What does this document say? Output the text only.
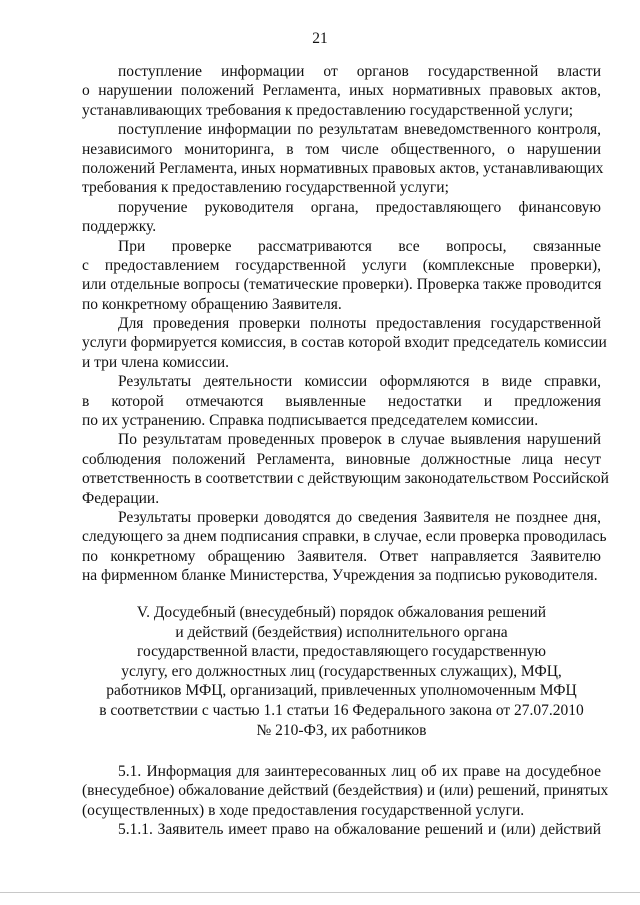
21
поступление информации от органов государственной власти
о нарушении положений Регламента, иных нормативных правовых актов,
устанавливающих требования к предоставлению государственной услуги;
поступление информации по результатам вневедомственного контроля,
независимого мониторинга, в том числе общественного, о нарушении
положений Регламента, иных нормативных правовых актов, устанавливающих
требования к предоставлению государственной услуги;
поручение руководителя органа, предоставляющего финансовую
поддержку.
При проверке рассматриваются все вопросы, связанные
с предоставлением государственной услуги (комплексные проверки),
или отдельные вопросы (тематические проверки). Проверка также проводится
по конкретному обращению Заявителя.
Для проведения проверки полноты предоставления государственной
услуги формируется комиссия, в состав которой входит председатель комиссии
и три члена комиссии.
Результаты деятельности комиссии оформляются в виде справки,
в которой отмечаются выявленные недостатки и предложения
по их устранению. Справка подписывается председателем комиссии.
По результатам проведенных проверок в случае выявления нарушений
соблюдения положений Регламента, виновные должностные лица несут
ответственность в соответствии с действующим законодательством Российской
Федерации.
Результаты проверки доводятся до сведения Заявителя не позднее дня,
следующего за днем подписания справки, в случае, если проверка проводилась
по конкретному обращению Заявителя. Ответ направляется Заявителю
на фирменном бланке Министерства, Учреждения за подписью руководителя.
V. Досудебный (внесудебный) порядок обжалования решений
и действий (бездействия) исполнительного органа
государственной власти, предоставляющего государственную
услугу, его должностных лиц (государственных служащих), МФЦ,
работников МФЦ, организаций, привлеченных уполномоченным МФЦ
в соответствии с частью 1.1 статьи 16 Федерального закона от 27.07.2010
№ 210-ФЗ, их работников
5.1. Информация для заинтересованных лиц об их праве на досудебное
(внесудебное) обжалование действий (бездействия) и (или) решений, принятых
(осуществленных) в ходе предоставления государственной услуги.
5.1.1. Заявитель имеет право на обжалование решений и (или) действий
